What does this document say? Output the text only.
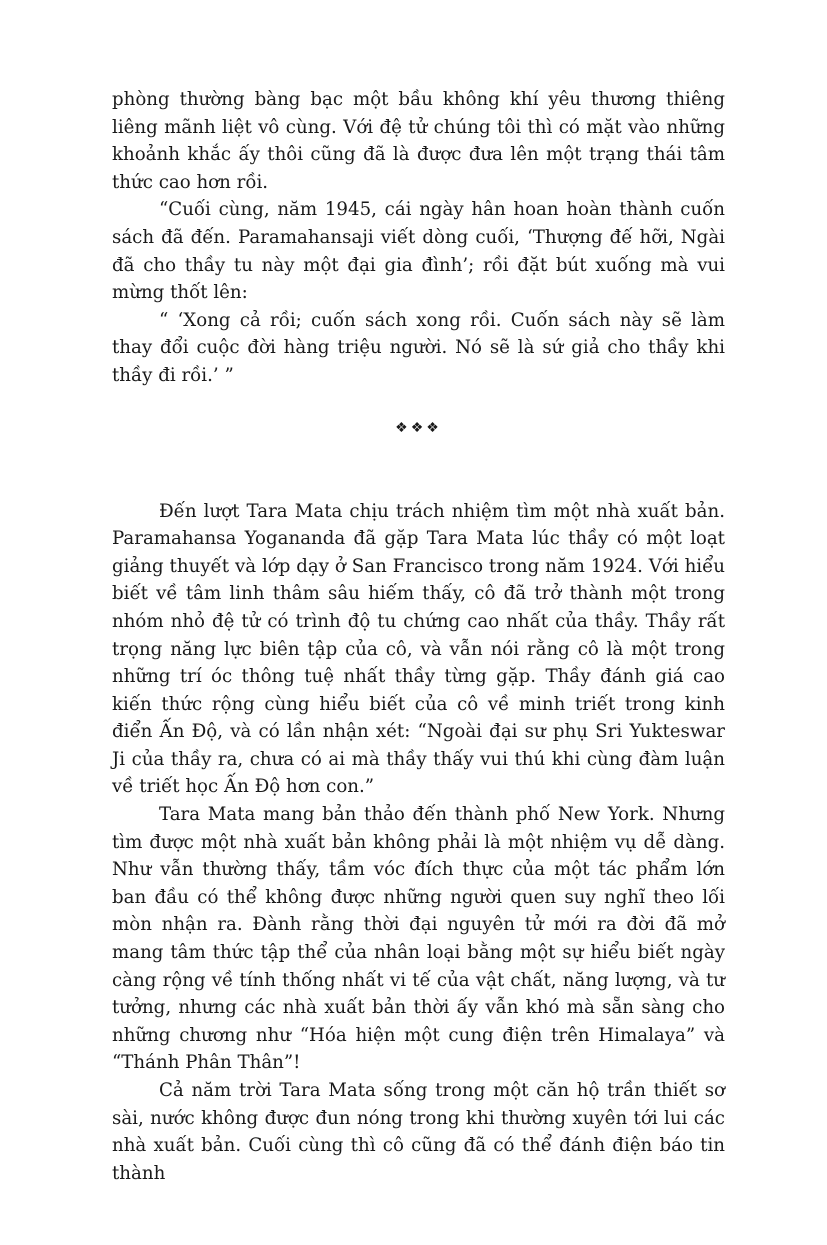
phòng thường bàng bạc một bầu không khí yêu thương thiêng liêng mãnh liệt vô cùng. Với đệ tử chúng tôi thì có mặt vào những khoảnh khắc ấy thôi cũng đã là được đưa lên một trạng thái tâm thức cao hơn rồi.

“Cuối cùng, năm 1945, cái ngày hân hoan hoàn thành cuốn sách đã đến. Paramahansaji viết dòng cuối, ‘Thượng đế hỡi, Ngài đã cho thầy tu này một đại gia đình’; rồi đặt bút xuống mà vui mừng thốt lên:

“ ‘Xong cả rồi; cuốn sách xong rồi. Cuốn sách này sẽ làm thay đổi cuộc đời hàng triệu người. Nó sẽ là sứ giả cho thầy khi thầy đi rồi.’ ”

❖❖❖

Đến lượt Tara Mata chịu trách nhiệm tìm một nhà xuất bản. Paramahansa Yogananda đã gặp Tara Mata lúc thầy có một loạt giảng thuyết và lớp dạy ở San Francisco trong năm 1924. Với hiểu biết về tâm linh thâm sâu hiếm thấy, cô đã trở thành một trong nhóm nhỏ đệ tử có trình độ tu chứng cao nhất của thầy. Thầy rất trọng năng lực biên tập của cô, và vẫn nói rằng cô là một trong những trí óc thông tuệ nhất thầy từng gặp. Thầy đánh giá cao kiến thức rộng cùng hiểu biết của cô về minh triết trong kinh điển Ấn Độ, và có lần nhận xét: “Ngoài đại sư phụ Sri Yukteswar Ji của thầy ra, chưa có ai mà thầy thấy vui thú khi cùng đàm luận về triết học Ấn Độ hơn con.”

Tara Mata mang bản thảo đến thành phố New York. Nhưng tìm được một nhà xuất bản không phải là một nhiệm vụ dễ dàng. Như vẫn thường thấy, tầm vóc đích thực của một tác phẩm lớn ban đầu có thể không được những người quen suy nghĩ theo lối mòn nhận ra. Đành rằng thời đại nguyên tử mới ra đời đã mở mang tâm thức tập thể của nhân loại bằng một sự hiểu biết ngày càng rộng về tính thống nhất vi tế của vật chất, năng lượng, và tư tưởng, nhưng các nhà xuất bản thời ấy vẫn khó mà sẵn sàng cho những chương như “Hóa hiện một cung điện trên Himalaya” và “Thánh Phân Thân”!

Cả năm trời Tara Mata sống trong một căn hộ trần thiết sơ sài, nước không được đun nóng trong khi thường xuyên tới lui các nhà xuất bản. Cuối cùng thì cô cũng đã có thể đánh điện báo tin thành
